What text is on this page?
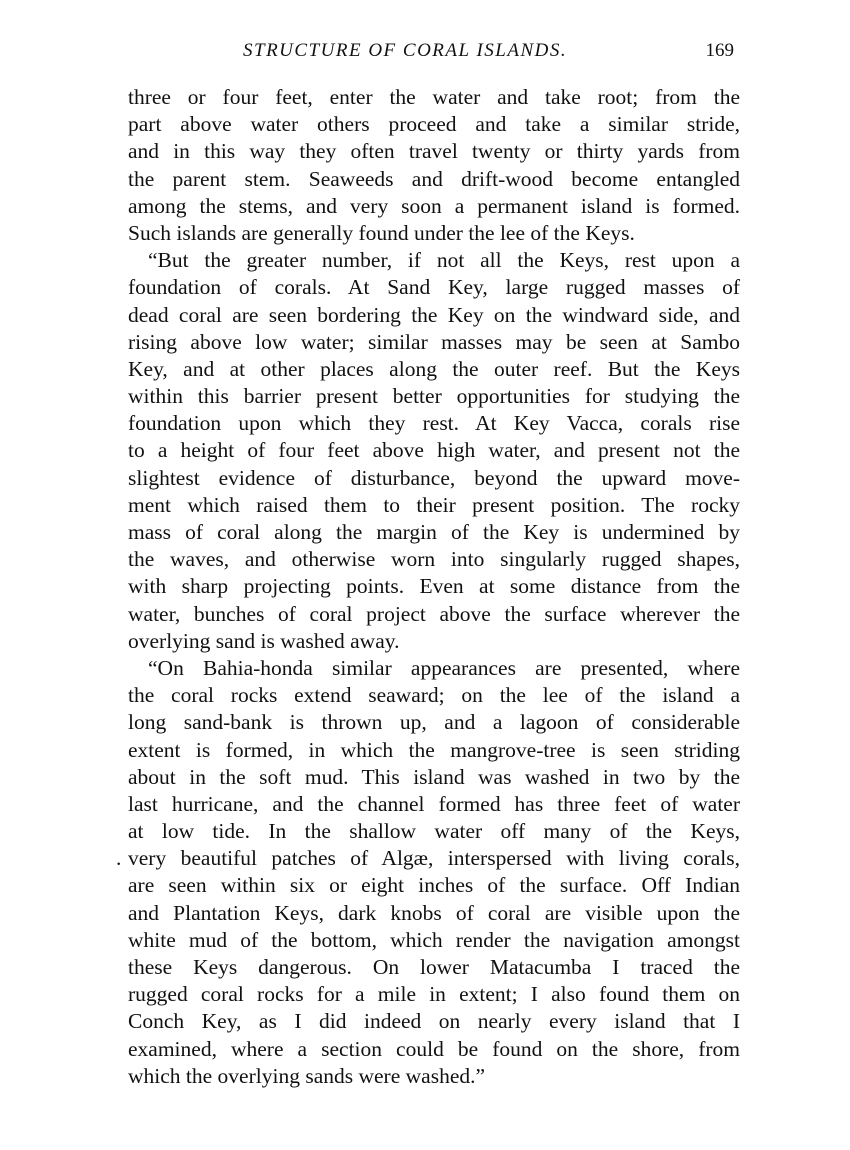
STRUCTURE OF CORAL ISLANDS.	169
three or four feet, enter the water and take root; from the
part above water others proceed and take a similar stride,
and in this way they often travel twenty or thirty yards from
the parent stem. Seaweeds and drift-wood become entangled
among the stems, and very soon a permanent island is formed.
Such islands are generally found under the lee of the Keys.
“But the greater number, if not all the Keys, rest upon a
foundation of corals. At Sand Key, large rugged masses of
dead coral are seen bordering the Key on the windward side, and
rising above low water; similar masses may be seen at Sambo
Key, and at other places along the outer reef. But the Keys
within this barrier present better opportunities for studying the
foundation upon which they rest. At Key Vacca, corals rise
to a height of four feet above high water, and present not the
slightest evidence of disturbance, beyond the upward move-
ment which raised them to their present position. The rocky
mass of coral along the margin of the Key is undermined by
the waves, and otherwise worn into singularly rugged shapes,
with sharp projecting points. Even at some distance from the
water, bunches of coral project above the surface wherever the
overlying sand is washed away.
“On Bahia-honda similar appearances are presented, where
the coral rocks extend seaward; on the lee of the island a
long sand-bank is thrown up, and a lagoon of considerable
extent is formed, in which the mangrove-tree is seen striding
about in the soft mud. This island was washed in two by the
last hurricane, and the channel formed has three feet of water
at low tide. In the shallow water off many of the Keys,
. very beautiful patches of Algæ, interspersed with living corals,
are seen within six or eight inches of the surface. Off Indian
and Plantation Keys, dark knobs of coral are visible upon the
white mud of the bottom, which render the navigation amongst
these Keys dangerous. On lower Matacumba I traced the
rugged coral rocks for a mile in extent; I also found them on
Conch Key, as I did indeed on nearly every island that I
examined, where a section could be found on the shore, from
which the overlying sands were washed.”
